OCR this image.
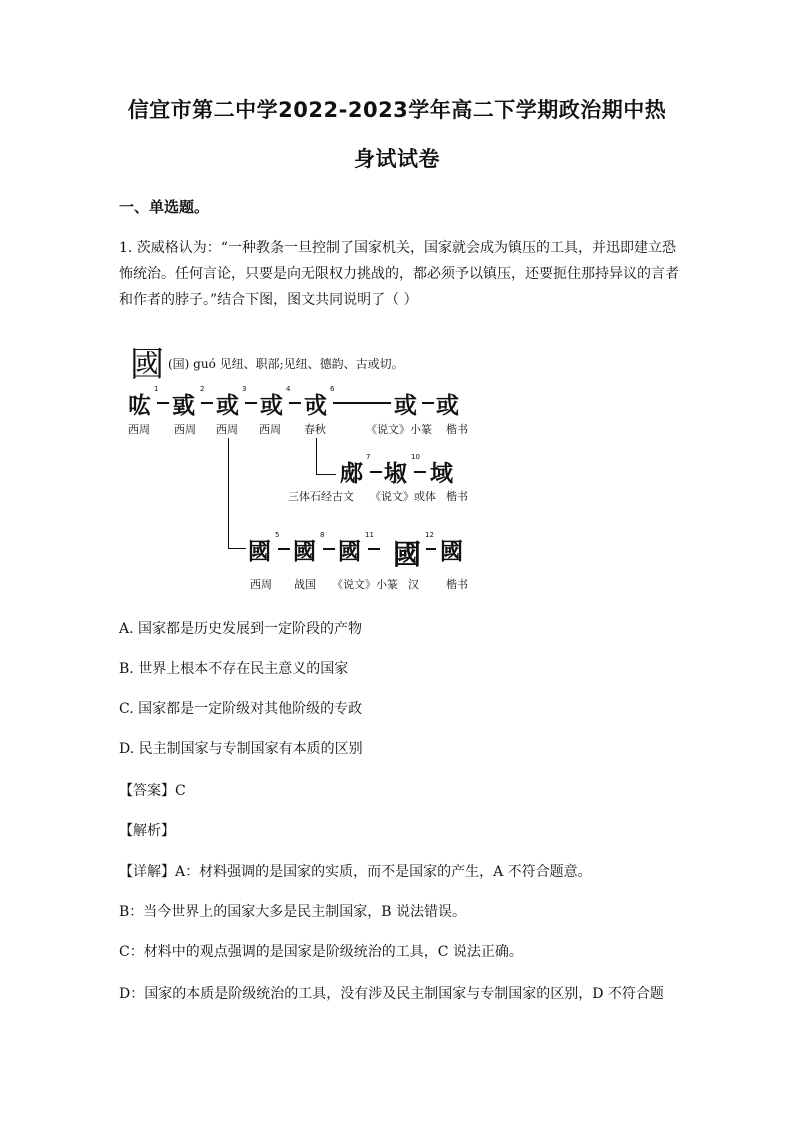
信宜市第二中学2022-2023学年高二下学期政治期中热
身试试卷
一、单选题。
1. 茨威格认为：“一种教条一旦控制了国家机关，国家就会成为镇压的工具，并迅即建立恐怖统治。任何言论，只要是向无限权力挑战的，都必须予以镇压，还要扼住那持异议的言者和作者的脖子。”结合下图，图文共同说明了（ ）
國 (国) guó 见纽、职部;见纽、德韵、古或切。
吰
1
戜
2
或
3
或
4
戓
6
或 或
西周 西周 西周 西周 春秋	《说文》小篆 楷书
郕
7
埱
10
域
三体石经古文 《说文》或体 楷书
國
5
國
8
國
11
國
12
國
西周 战国 《说文》小篆 汉 楷书
A. 国家都是历史发展到一定阶段的产物
B. 世界上根本不存在民主意义的国家
C. 国家都是一定阶级对其他阶级的专政
D. 民主制国家与专制国家有本质的区别
【答案】C
【解析】
【详解】A：材料强调的是国家的实质，而不是国家的产生，A 不符合题意。
B：当今世界上的国家大多是民主制国家，B 说法错误。
C：材料中的观点强调的是国家是阶级统治的工具，C 说法正确。
D：国家的本质是阶级统治的工具，没有涉及民主制国家与专制国家的区别，D 不符合题
